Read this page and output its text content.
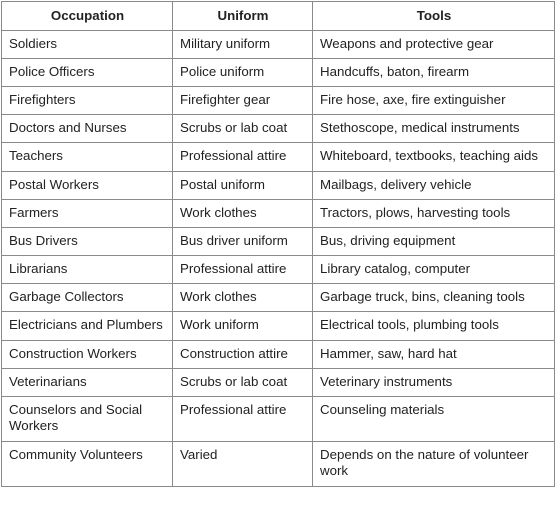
Occupation	Uniform	Tools
Soldiers	Military uniform	Weapons and protective gear
Police Officers	Police uniform	Handcuffs, baton, firearm
Firefighters	Firefighter gear	Fire hose, axe, fire extinguisher
Doctors and Nurses	Scrubs or lab coat	Stethoscope, medical instruments
Teachers	Professional attire	Whiteboard, textbooks, teaching aids
Postal Workers	Postal uniform	Mailbags, delivery vehicle
Farmers	Work clothes	Tractors, plows, harvesting tools
Bus Drivers	Bus driver uniform	Bus, driving equipment
Librarians	Professional attire	Library catalog, computer
Garbage Collectors	Work clothes	Garbage truck, bins, cleaning tools
Electricians and Plumbers	Work uniform	Electrical tools, plumbing tools
Construction Workers	Construction attire	Hammer, saw, hard hat
Veterinarians	Scrubs or lab coat	Veterinary instruments
Counselors and Social Workers	Professional attire	Counseling materials
Community Volunteers	Varied	Depends on the nature of volunteer work
